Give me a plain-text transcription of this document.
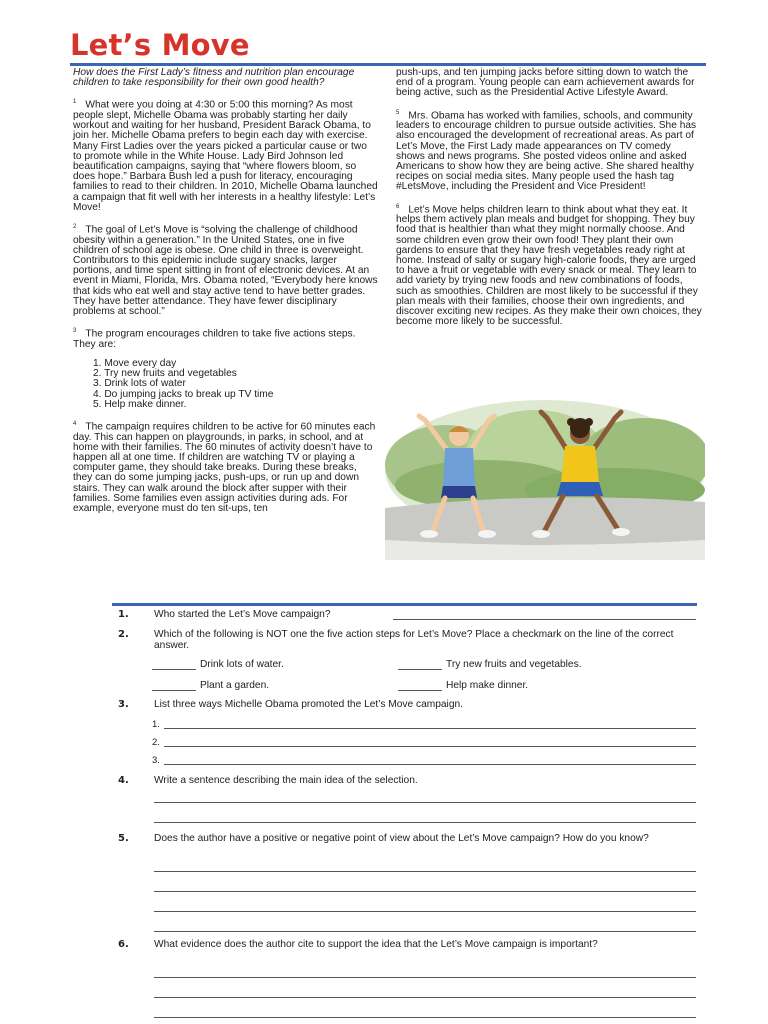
Let’s Move

How does the First Lady’s fitness and nutrition plan encourage children to take responsibility for their own good health?

$^1$ What were you doing at 4:30 or 5:00 this morning? As most people slept, Michelle Obama was probably starting her daily workout and waiting for her husband, President Barack Obama, to join her. Michelle Obama prefers to begin each day with exercise. Many First Ladies over the years picked a particular cause or two to promote while in the White House. Lady Bird Johnson led beautification campaigns, saying that “where flowers bloom, so does hope.” Barbara Bush led a push for literacy, encouraging families to read to their children. In 2010, Michelle Obama launched a campaign that fit well with her interests in a healthy lifestyle: Let’s Move!

$^2$ The goal of Let’s Move is “solving the challenge of childhood obesity within a generation.” In the United States, one in five children of school age is obese. One child in three is overweight. Contributors to this epidemic include sugary snacks, larger portions, and time spent sitting in front of electronic devices. At an event in Miami, Florida, Mrs. Obama noted, “Everybody here knows that kids who eat well and stay active tend to have better grades. They have better attendance. They have fewer disciplinary problems at school.”

$^3$ The program encourages children to take five actions steps. They are:

1. Move every day
2. Try new fruits and vegetables
3. Drink lots of water
4. Do jumping jacks to break up TV time
5. Help make dinner.

$^4$ The campaign requires children to be active for 60 minutes each day. This can happen on playgrounds, in parks, in school, and at home with their families. The 60 minutes of activity doesn’t have to happen all at one time. If children are watching TV or playing a computer game, they should take breaks. During these breaks, they can do some jumping jacks, push-ups, or run up and down stairs. They can walk around the block after supper with their families. Some families even assign activities during ads. For example, everyone must do ten sit-ups, ten

push-ups, and ten jumping jacks before sitting down to watch the end of a program. Young people can earn achievement awards for being active, such as the Presidential Active Lifestyle Award.

$^5$ Mrs. Obama has worked with families, schools, and community leaders to encourage children to pursue outside activities. She has also encouraged the development of recreational areas. As part of Let’s Move, the First Lady made appearances on TV comedy shows and news programs. She posted videos online and asked Americans to show how they are being active. She shared healthy recipes on social media sites. Many people used the hash tag #LetsMove, including the President and Vice President!

$^6$ Let’s Move helps children learn to think about what they eat. It helps them actively plan meals and budget for shopping. They buy food that is healthier than what they might normally choose. And some children even grow their own food! They plant their own gardens to ensure that they have fresh vegetables ready right at home. Instead of salty or sugary high-calorie foods, they are urged to have a fruit or vegetable with every snack or meal. They learn to add variety by trying new foods and new combinations of foods, such as smoothies. Children are most likely to be successful if they plan meals with their families, choose their own ingredients, and discover exciting new recipes. As they make their own choices, they become more likely to be successful.

1. Who started the Let’s Move campaign?
2. Which of the following is NOT one the five action steps for Let’s Move? Place a checkmark on the line of the correct answer.
Drink lots of water.	Try new fruits and vegetables.
Plant a garden.	Help make dinner.
3. List three ways Michelle Obama promoted the Let’s Move campaign.
1.
2.
3.
4. Write a sentence describing the main idea of the selection.
5. Does the author have a positive or negative point of view about the Let’s Move campaign? How do you know?
6. What evidence does the author cite to support the idea that the Let’s Move campaign is important?
